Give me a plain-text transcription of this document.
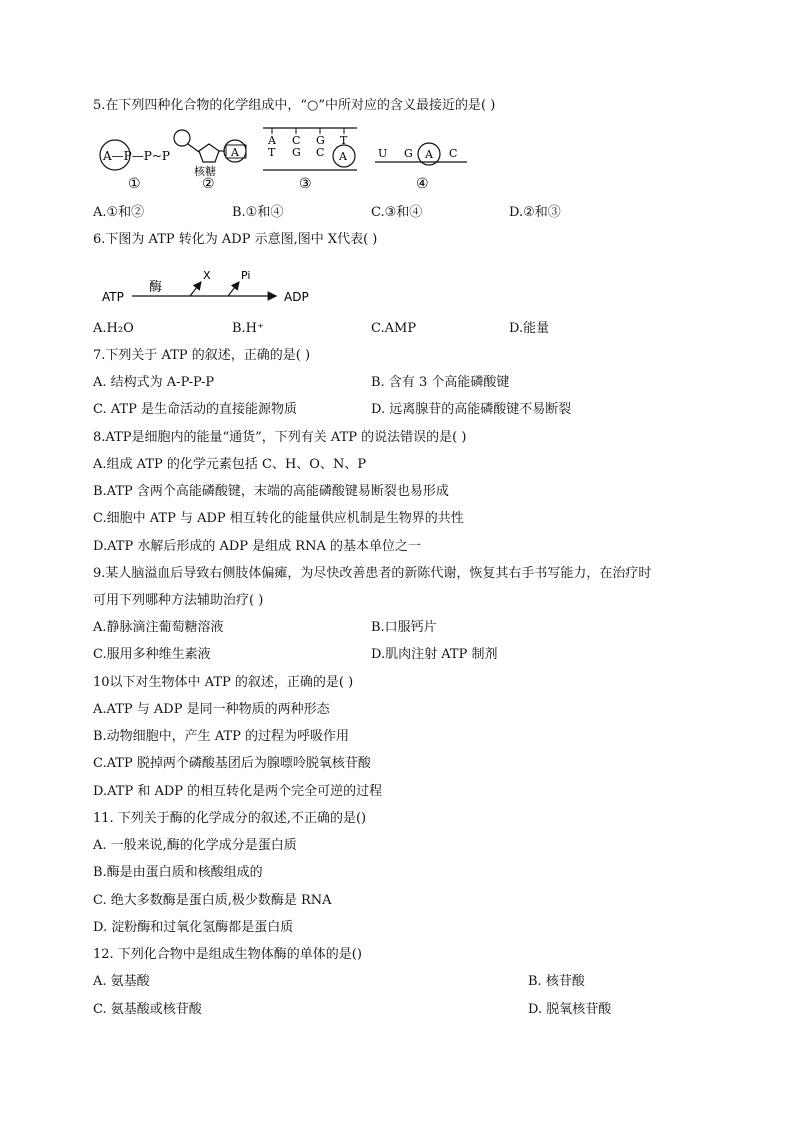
5.在下列四种化合物的化学组成中，“○”中所对应的含义最接近的是( )
A—P—P~P
①
A
核糖
②
A C G T
T G C A
③
U G A C
④
A.①和②	B.①和④	C.③和④	D.②和③
6.下图为 ATP 转化为 ADP 示意图,图中 X代表( )
ATP
酶
X	Pi
ADP
A.H₂O	B.H⁺	C.AMP	D.能量
7.下列关于 ATP 的叙述，正确的是( )
A. 结构式为 A-P-P-P	B. 含有 3 个高能磷酸键
C. ATP 是生命活动的直接能源物质	D. 远离腺苷的高能磷酸键不易断裂
8.ATP是细胞内的能量“通货”，下列有关 ATP 的说法错误的是( )
A.组成 ATP 的化学元素包括 C、H、O、N、P
B.ATP 含两个高能磷酸键，末端的高能磷酸键易断裂也易形成
C.细胞中 ATP 与 ADP 相互转化的能量供应机制是生物界的共性
D.ATP 水解后形成的 ADP 是组成 RNA 的基本单位之一
9.某人脑溢血后导致右侧肢体偏瘫，为尽快改善患者的新陈代谢，恢复其右手书写能力，在治疗时
可用下列哪种方法辅助治疗( )
A.静脉滴注葡萄糖溶液	B.口服钙片
C.服用多种维生素液	D.肌肉注射 ATP 制剂
10以下对生物体中 ATP 的叙述，正确的是( )
A.ATP 与 ADP 是同一种物质的两种形态
B.动物细胞中，产生 ATP 的过程为呼吸作用
C.ATP 脱掉两个磷酸基团后为腺嘌呤脱氧核苷酸
D.ATP 和 ADP 的相互转化是两个完全可逆的过程
11. 下列关于酶的化学成分的叙述,不正确的是()
A. 一般来说,酶的化学成分是蛋白质
B.酶是由蛋白质和核酸组成的
C. 绝大多数酶是蛋白质,极少数酶是 RNA
D. 淀粉酶和过氧化氢酶都是蛋白质
12. 下列化合物中是组成生物体酶的单体的是()
A. 氨基酸	B. 核苷酸
C. 氨基酸或核苷酸	D. 脱氧核苷酸
